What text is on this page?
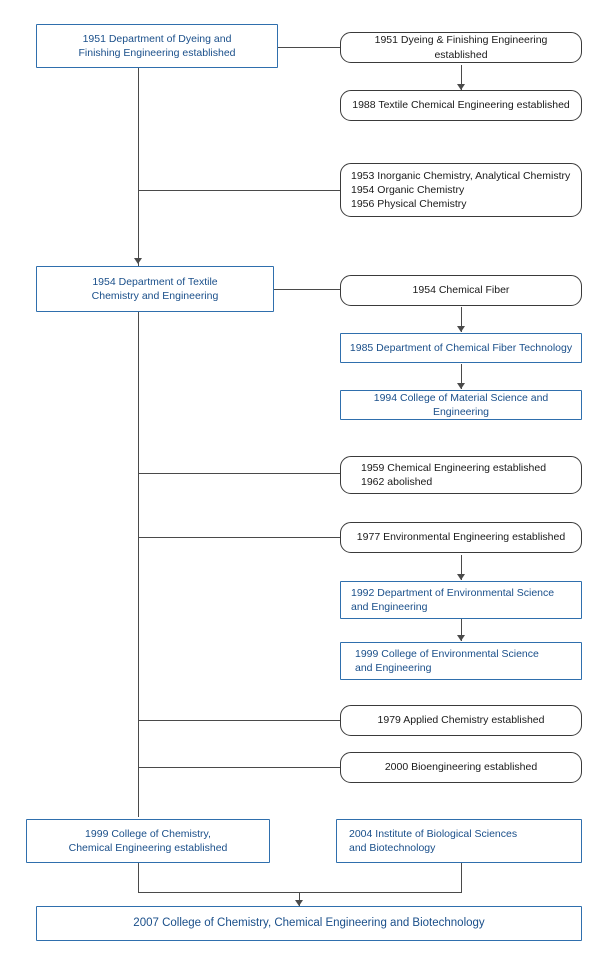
1951 Department of Dyeing and
Finishing Engineering established
1951 Dyeing & Finishing Engineering established
1988 Textile Chemical Engineering established
1953 Inorganic Chemistry, Analytical Chemistry
1954 Organic Chemistry
1956 Physical Chemistry
1954 Department of Textile
Chemistry and Engineering	1954 Chemical Fiber
1985 Department of Chemical Fiber Technology
1994 College of Material Science and Engineering
1959 Chemical Engineering established
1962 abolished
1977 Environmental Engineering established
1992 Department of Environmental Science
and Engineering
1999 College of Environmental Science
and Engineering
1979 Applied Chemistry established
2000 Bioengineering established
1999 College of Chemistry,
Chemical Engineering established
2004 Institute of Biological Sciences
and Biotechnology
2007 College of Chemistry, Chemical Engineering and Biotechnology
